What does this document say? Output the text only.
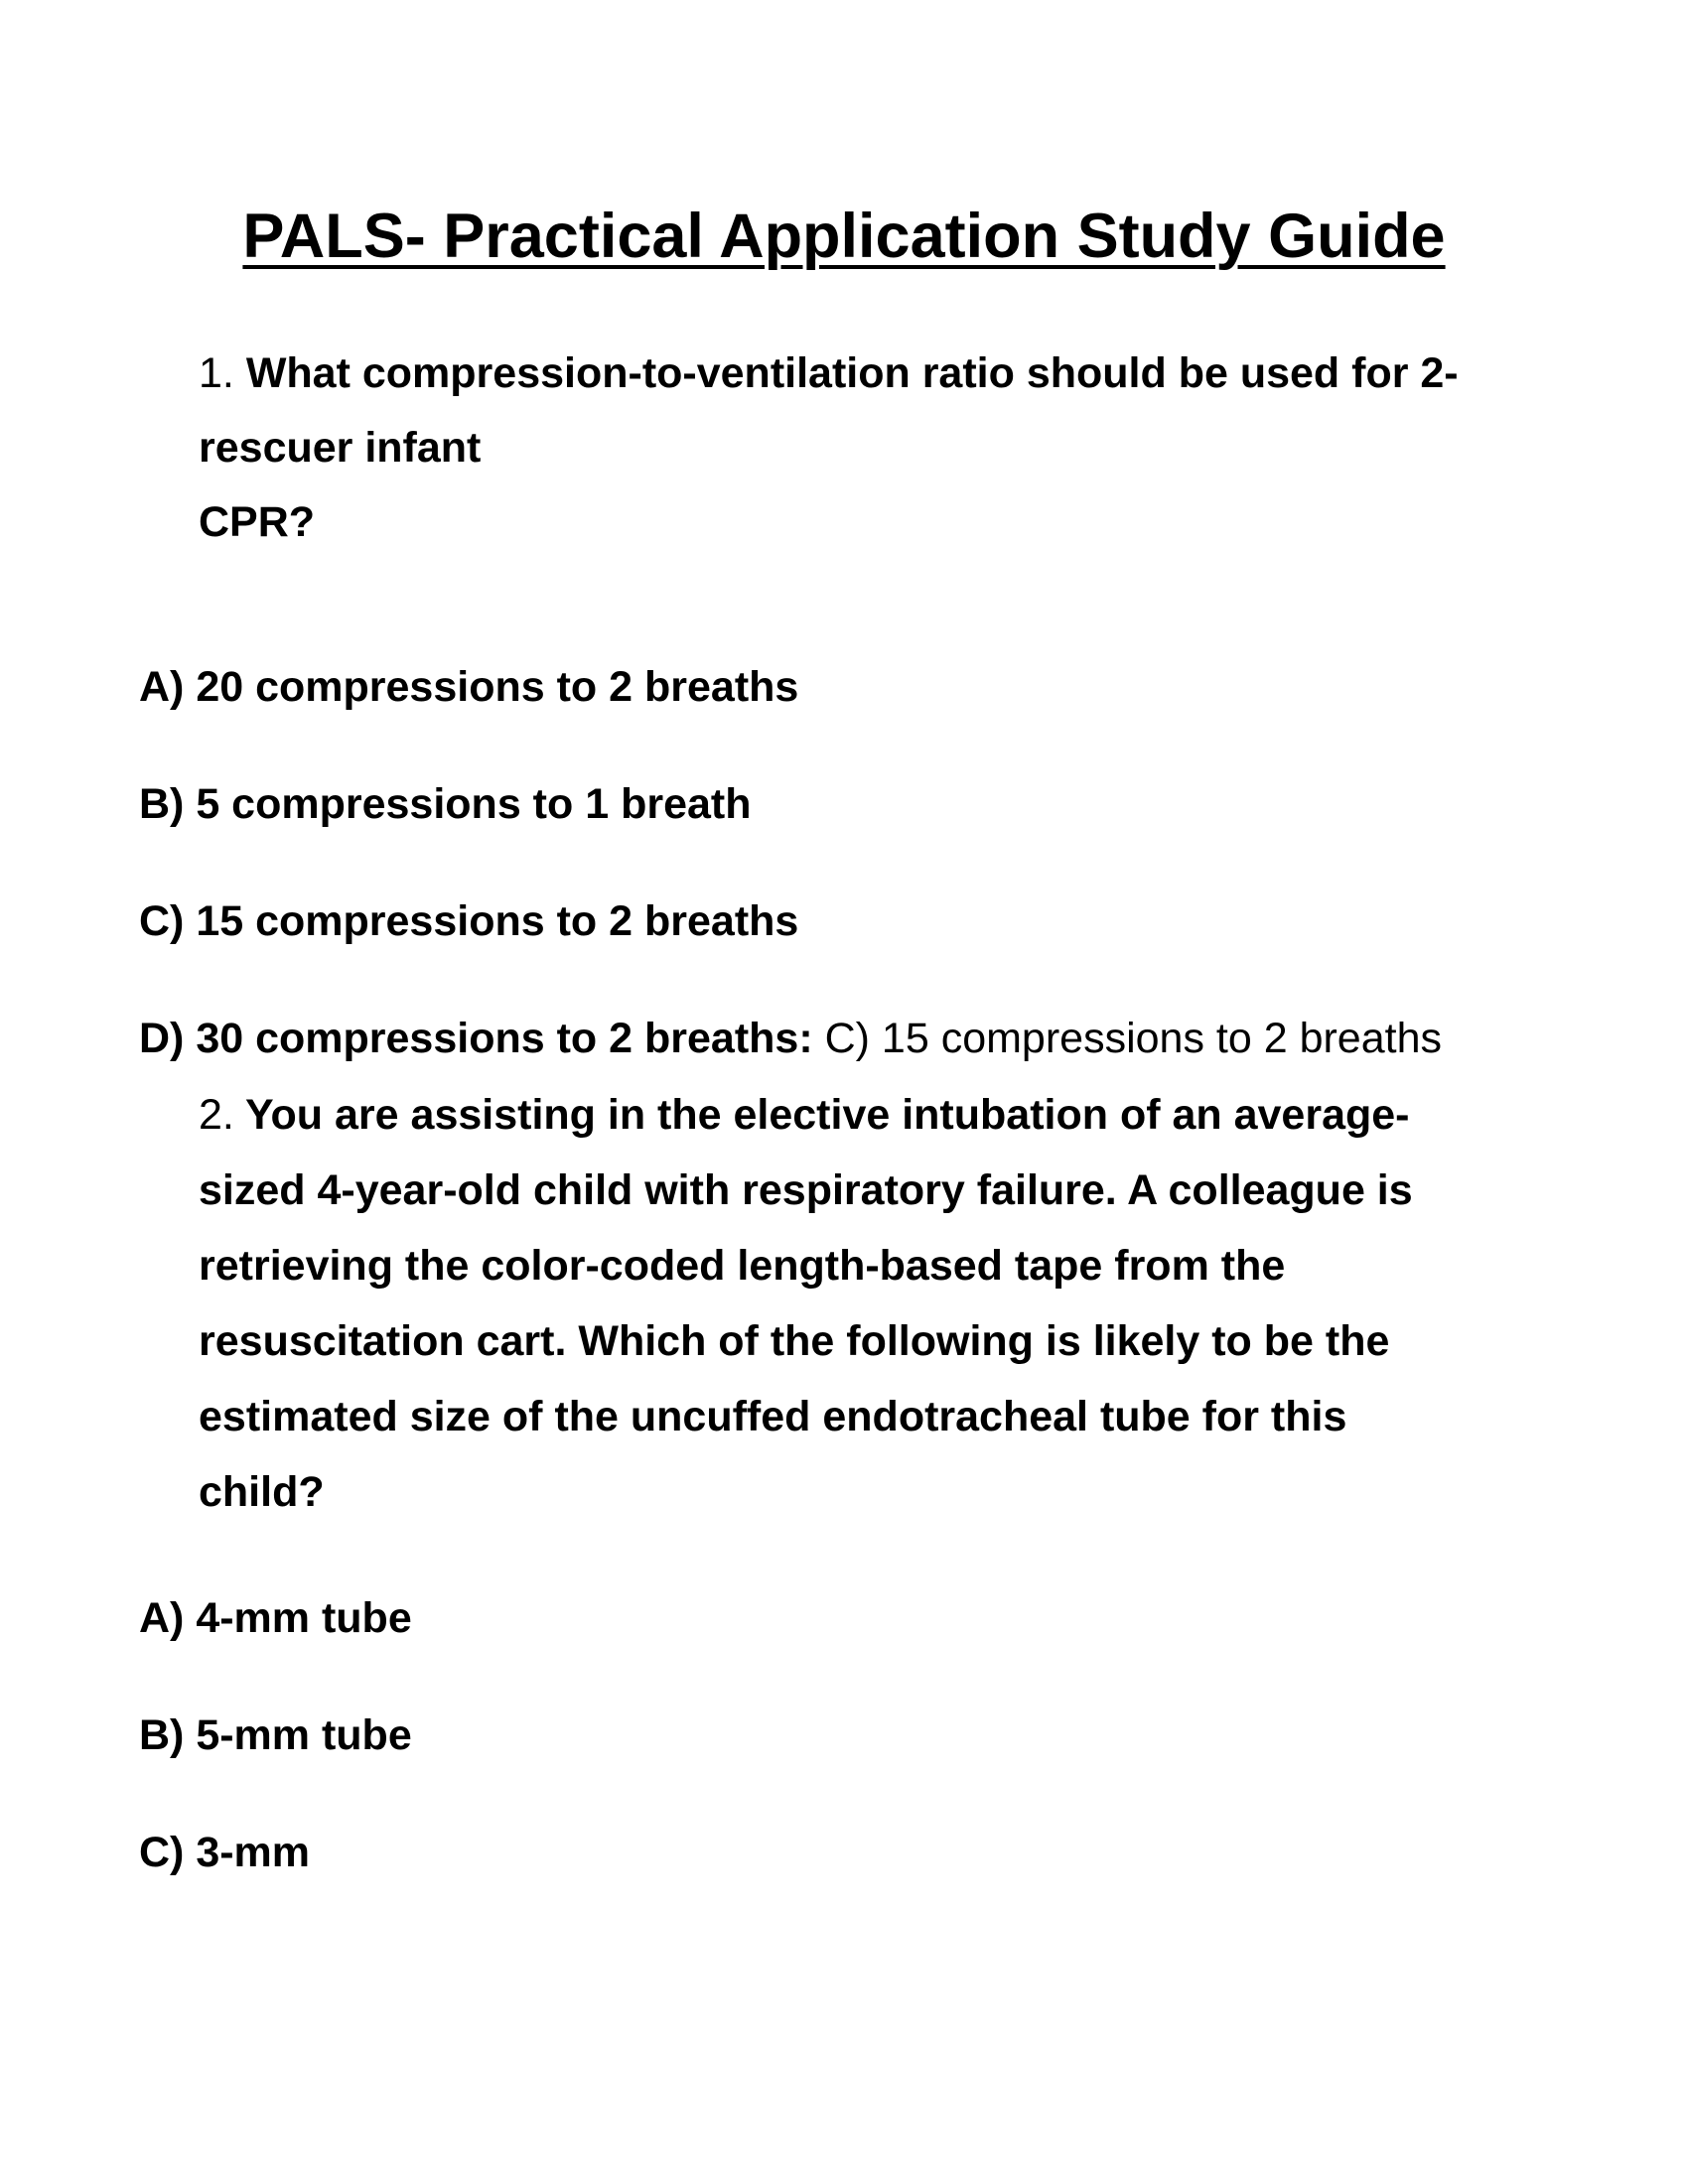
PALS- Practical Application Study Guide
1. What compression-to-ventilation ratio should be used for 2-
rescuer infant
CPR?
A) 20 compressions to 2 breaths
B) 5 compressions to 1 breath
C) 15 compressions to 2 breaths
D) 30 compressions to 2 breaths: C) 15 compressions to 2 breaths
2. You are assisting in the elective intubation of an average-
sized 4-year-old child with respiratory failure. A colleague is
retrieving the color-coded length-based tape from the
resuscitation cart. Which of the following is likely to be the
estimated size of the uncuffed endotracheal tube for this
child?
A) 4-mm tube
B) 5-mm tube
C) 3-mm
